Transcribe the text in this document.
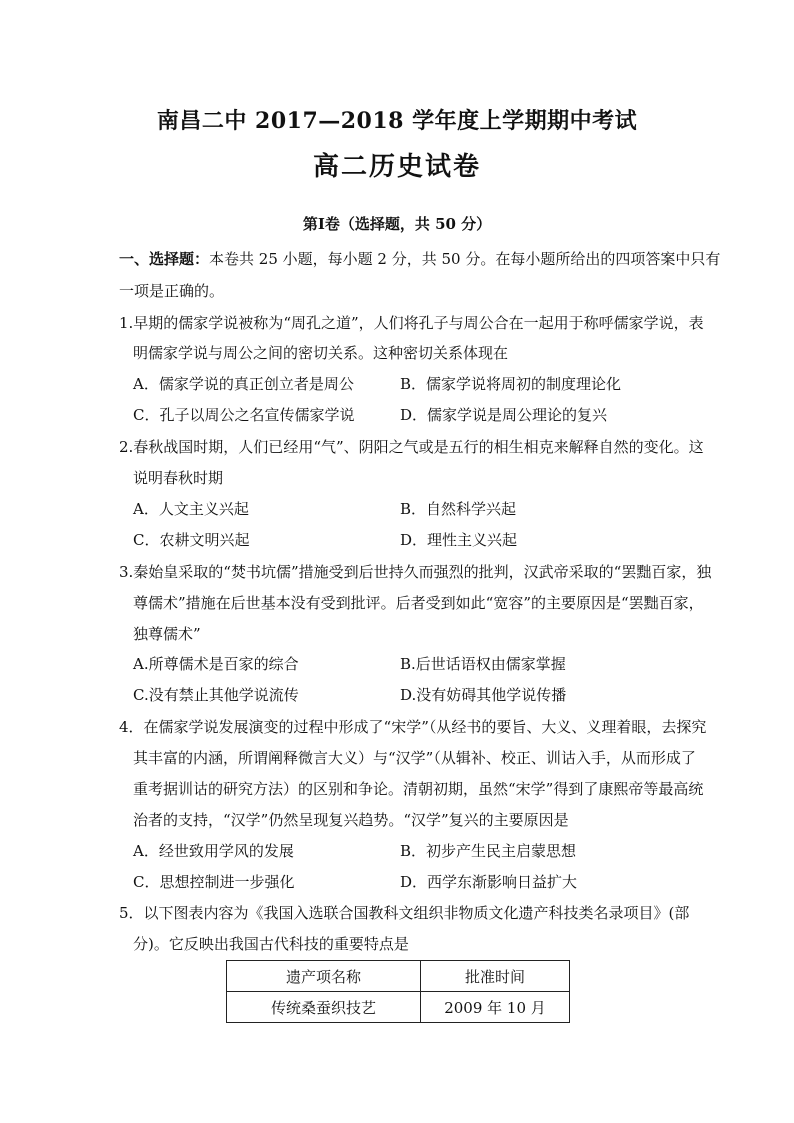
南昌二中 2017—2018 学年度上学期期中考试
高二历史试卷
第Ⅰ卷（选择题，共 50 分）
一、选择题：本卷共 25 小题，每小题 2 分，共 50 分。在每小题所给出的四项答案中只有
一项是正确的。
1.早期的儒家学说被称为“周孔之道”，人们将孔子与周公合在一起用于称呼儒家学说，表
明儒家学说与周公之间的密切关系。这种密切关系体现在
A．儒家学说的真正创立者是周公	B．儒家学说将周初的制度理论化
C．孔子以周公之名宣传儒家学说	D．儒家学说是周公理论的复兴
2.春秋战国时期，人们已经用“气”、阴阳之气或是五行的相生相克来解释自然的变化。这
说明春秋时期
A．人文主义兴起	B．自然科学兴起
C．农耕文明兴起	D．理性主义兴起
3.秦始皇采取的“焚书坑儒”措施受到后世持久而强烈的批判，汉武帝采取的“罢黜百家，独
尊儒术”措施在后世基本没有受到批评。后者受到如此“宽容”的主要原因是“罢黜百家，
独尊儒术”
A.所尊儒术是百家的综合	B.后世话语权由儒家掌握
C.没有禁止其他学说流传	D.没有妨碍其他学说传播
4．在儒家学说发展演变的过程中形成了“宋学”（从经书的要旨、大义、义理着眼，去探究
其丰富的内涵，所谓阐释微言大义）与“汉学”（从辑补、校正、训诂入手，从而形成了
重考据训诂的研究方法）的区别和争论。清朝初期，虽然“宋学”得到了康熙帝等最高统
治者的支持，“汉学”仍然呈现复兴趋势。“汉学”复兴的主要原因是
A．经世致用学风的发展	B．初步产生民主启蒙思想
C．思想控制进一步强化	D．西学东渐影响日益扩大
5．以下图表内容为《我国入选联合国教科文组织非物质文化遗产科技类名录项目》(部
分)。它反映出我国古代科技的重要特点是
遗产项名称	批准时间
传统桑蚕织技艺	2009 年 10 月
